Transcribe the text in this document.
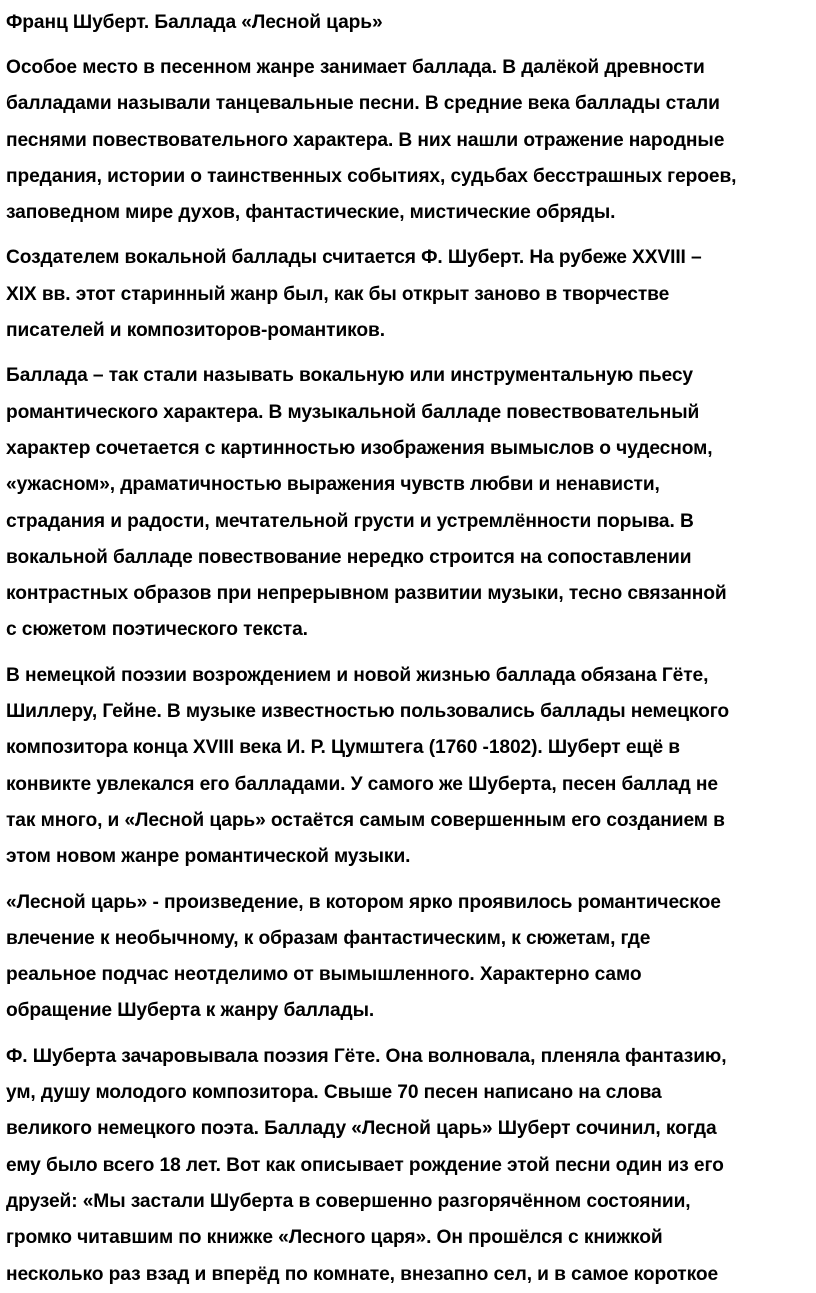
Франц Шуберт. Баллада «Лесной царь»
Особое место в песенном жанре занимает баллада. В далёкой древности
балладами называли танцевальные песни. В средние века баллады стали
песнями повествовательного характера. В них нашли отражение народные
предания, истории о таинственных событиях, судьбах бесстрашных героев,
заповедном мире духов, фантастические, мистические обряды.
Создателем вокальной баллады считается Ф. Шуберт. На рубеже XXVIII –
XIX вв. этот старинный жанр был, как бы открыт заново в творчестве
писателей и композиторов-романтиков.
Баллада – так стали называть вокальную или инструментальную пьесу
романтического характера. В музыкальной балладе повествовательный
характер сочетается с картинностью изображения вымыслов о чудесном,
«ужасном», драматичностью выражения чувств любви и ненависти,
страдания и радости, мечтательной грусти и устремлённости порыва. В
вокальной балладе повествование нередко строится на сопоставлении
контрастных образов при непрерывном развитии музыки, тесно связанной
с сюжетом поэтического текста.
В немецкой поэзии возрождением и новой жизнью баллада обязана Гёте,
Шиллеру, Гейне. В музыке известностью пользовались баллады немецкого
композитора конца XVIII века И. Р. Цумштега (1760 -1802). Шуберт ещё в
конвикте увлекался его балладами. У самого же Шуберта, песен баллад не
так много, и «Лесной царь» остаётся самым совершенным его созданием в
этом новом жанре романтической музыки.
«Лесной царь» - произведение, в котором ярко проявилось романтическое
влечение к необычному, к образам фантастическим, к сюжетам, где
реальное подчас неотделимо от вымышленного. Характерно само
обращение Шуберта к жанру баллады.
Ф. Шуберта зачаровывала поэзия Гёте. Она волновала, пленяла фантазию,
ум, душу молодого композитора. Свыше 70 песен написано на слова
великого немецкого поэта. Балладу «Лесной царь» Шуберт сочинил, когда
ему было всего 18 лет. Вот как описывает рождение этой песни один из его
друзей: «Мы застали Шуберта в совершенно разгорячённом состоянии,
громко читавшим по книжке «Лесного царя». Он прошёлся с книжкой
несколько раз взад и вперёд по комнате, внезапно сел, и в самое короткое
